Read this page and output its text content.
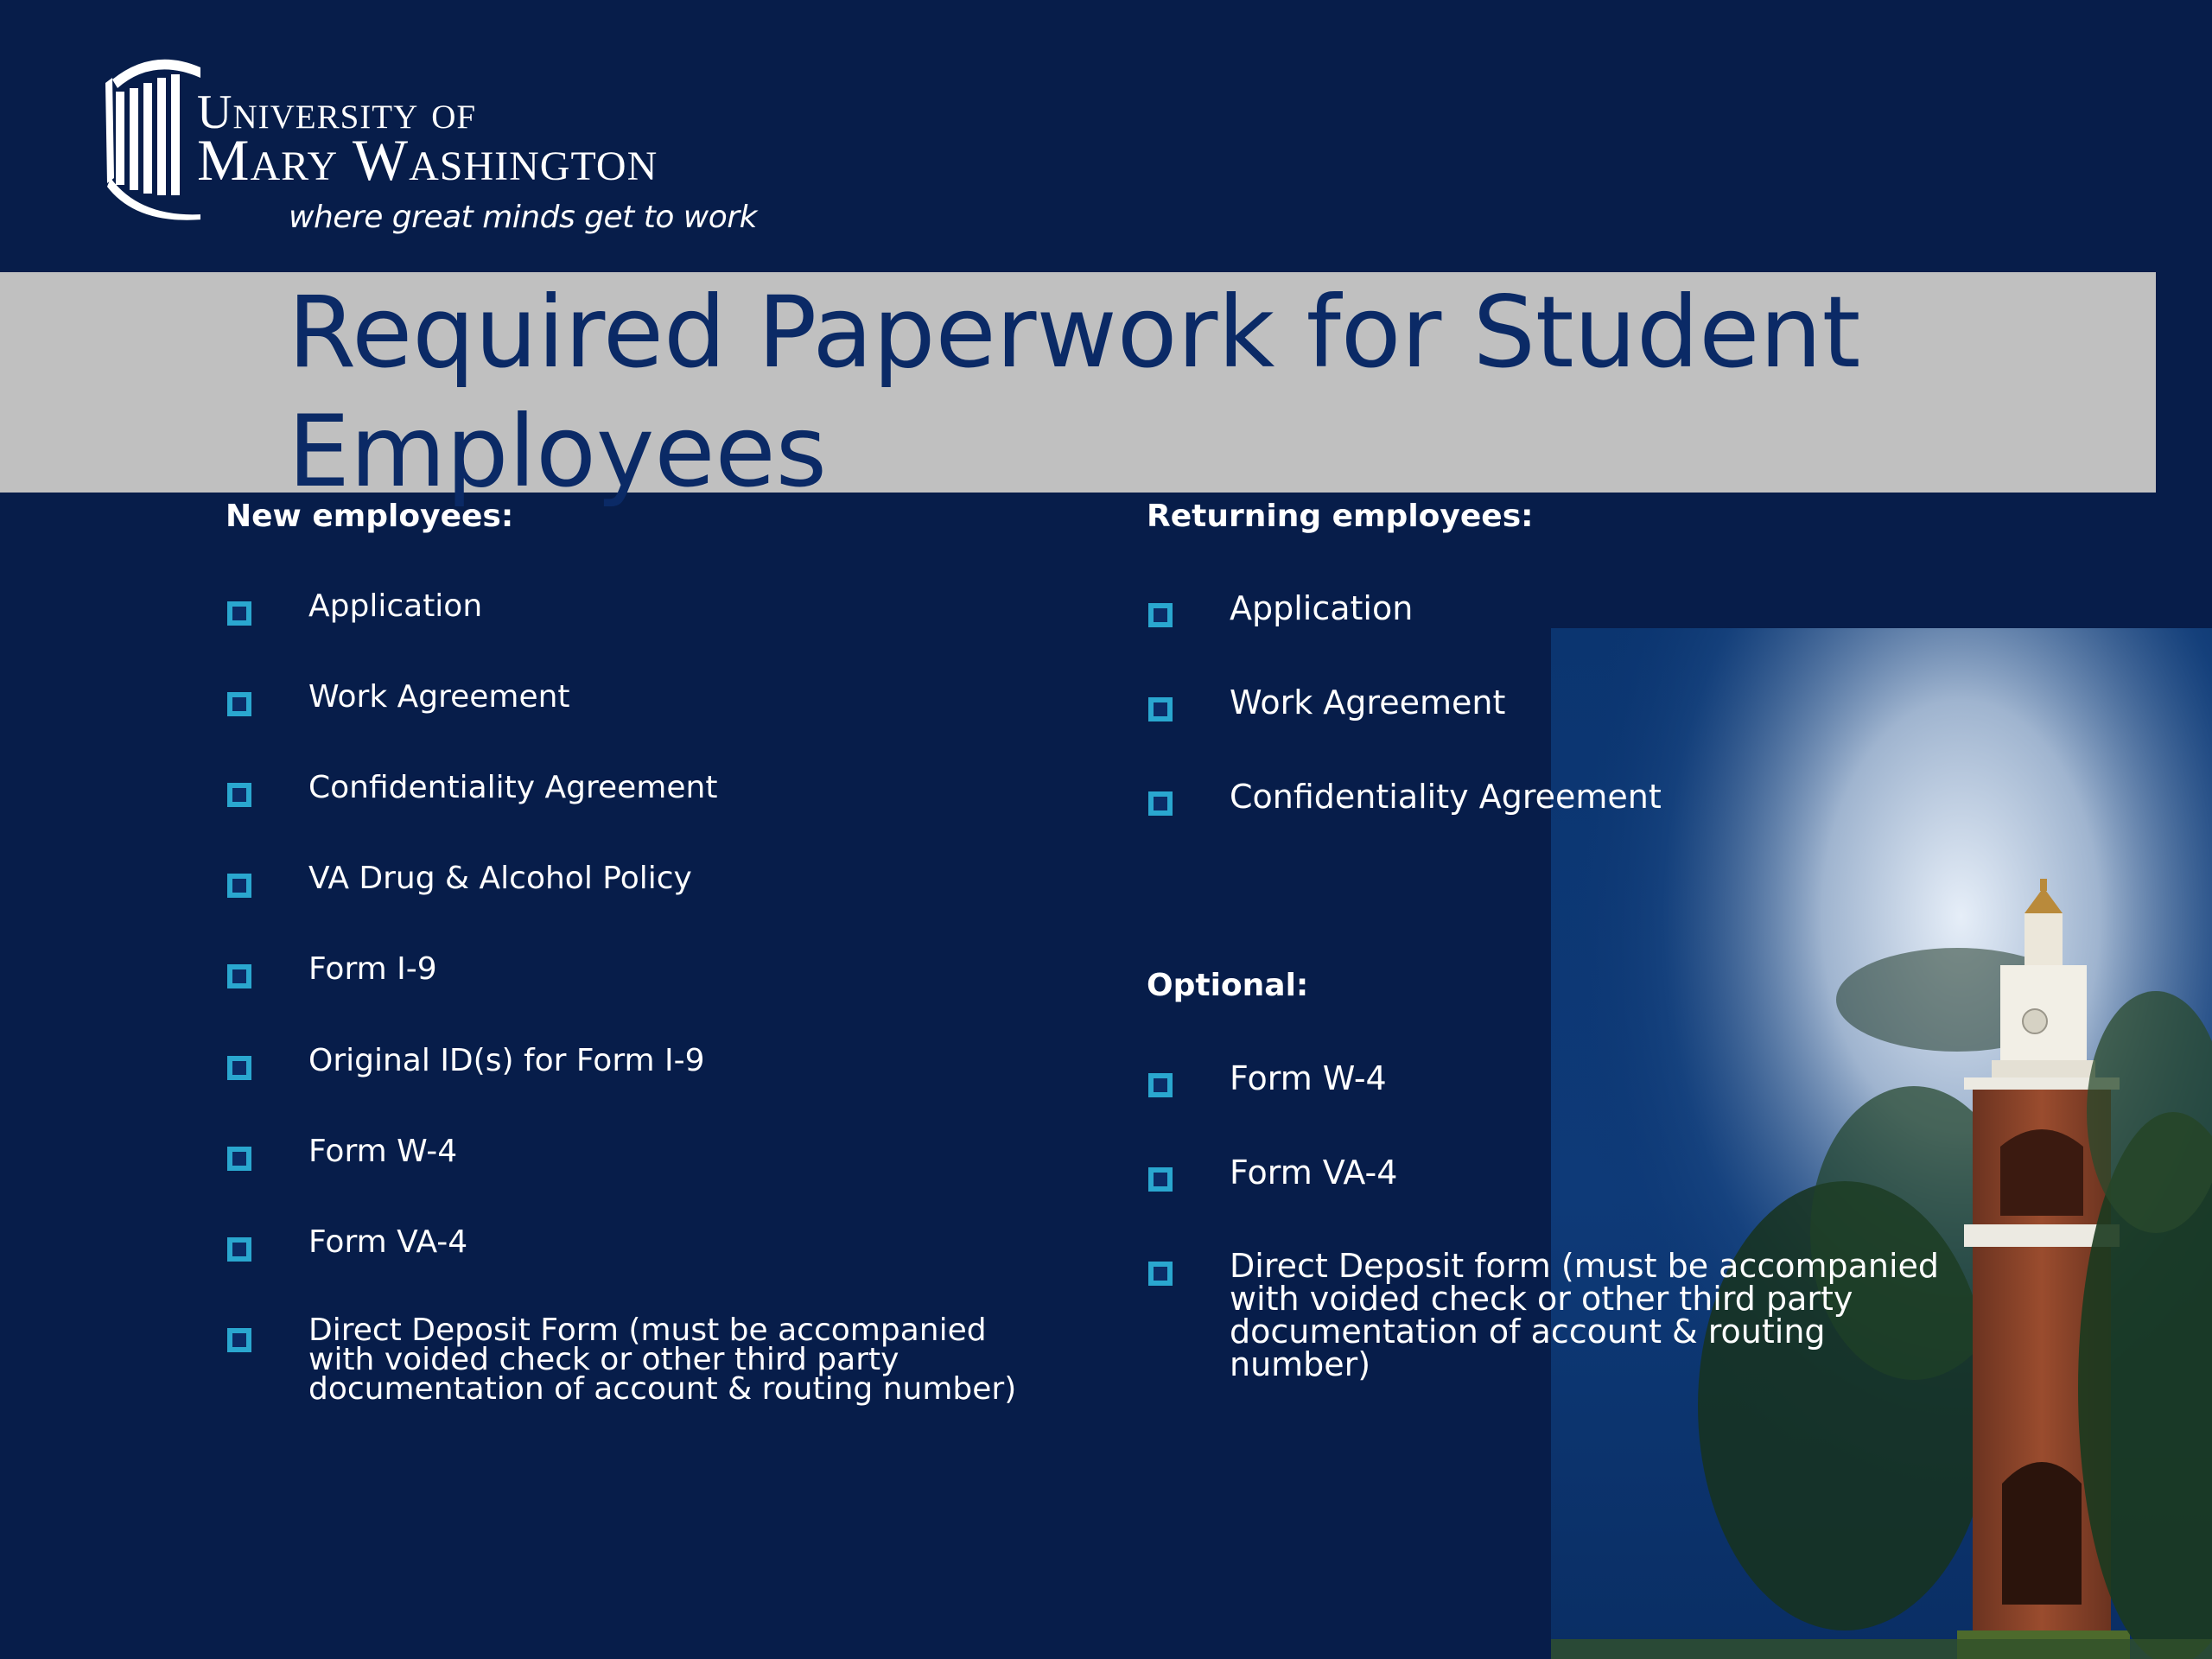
University of
Mary Washington
where great minds get to work
Required Paperwork for Student Employees
New employees:
Application
Work Agreement
Confidentiality Agreement
VA Drug & Alcohol Policy
Form I-9
Original ID(s) for Form I-9
Form W-4
Form VA-4
Direct Deposit Form (must be accompanied with voided check or other third party documentation of account & routing number)
Returning employees:
Application
Work Agreement
Confidentiality Agreement
Optional:
Form W-4
Form VA-4
Direct Deposit form (must be accompanied with voided check or other third party documentation of account & routing number)
